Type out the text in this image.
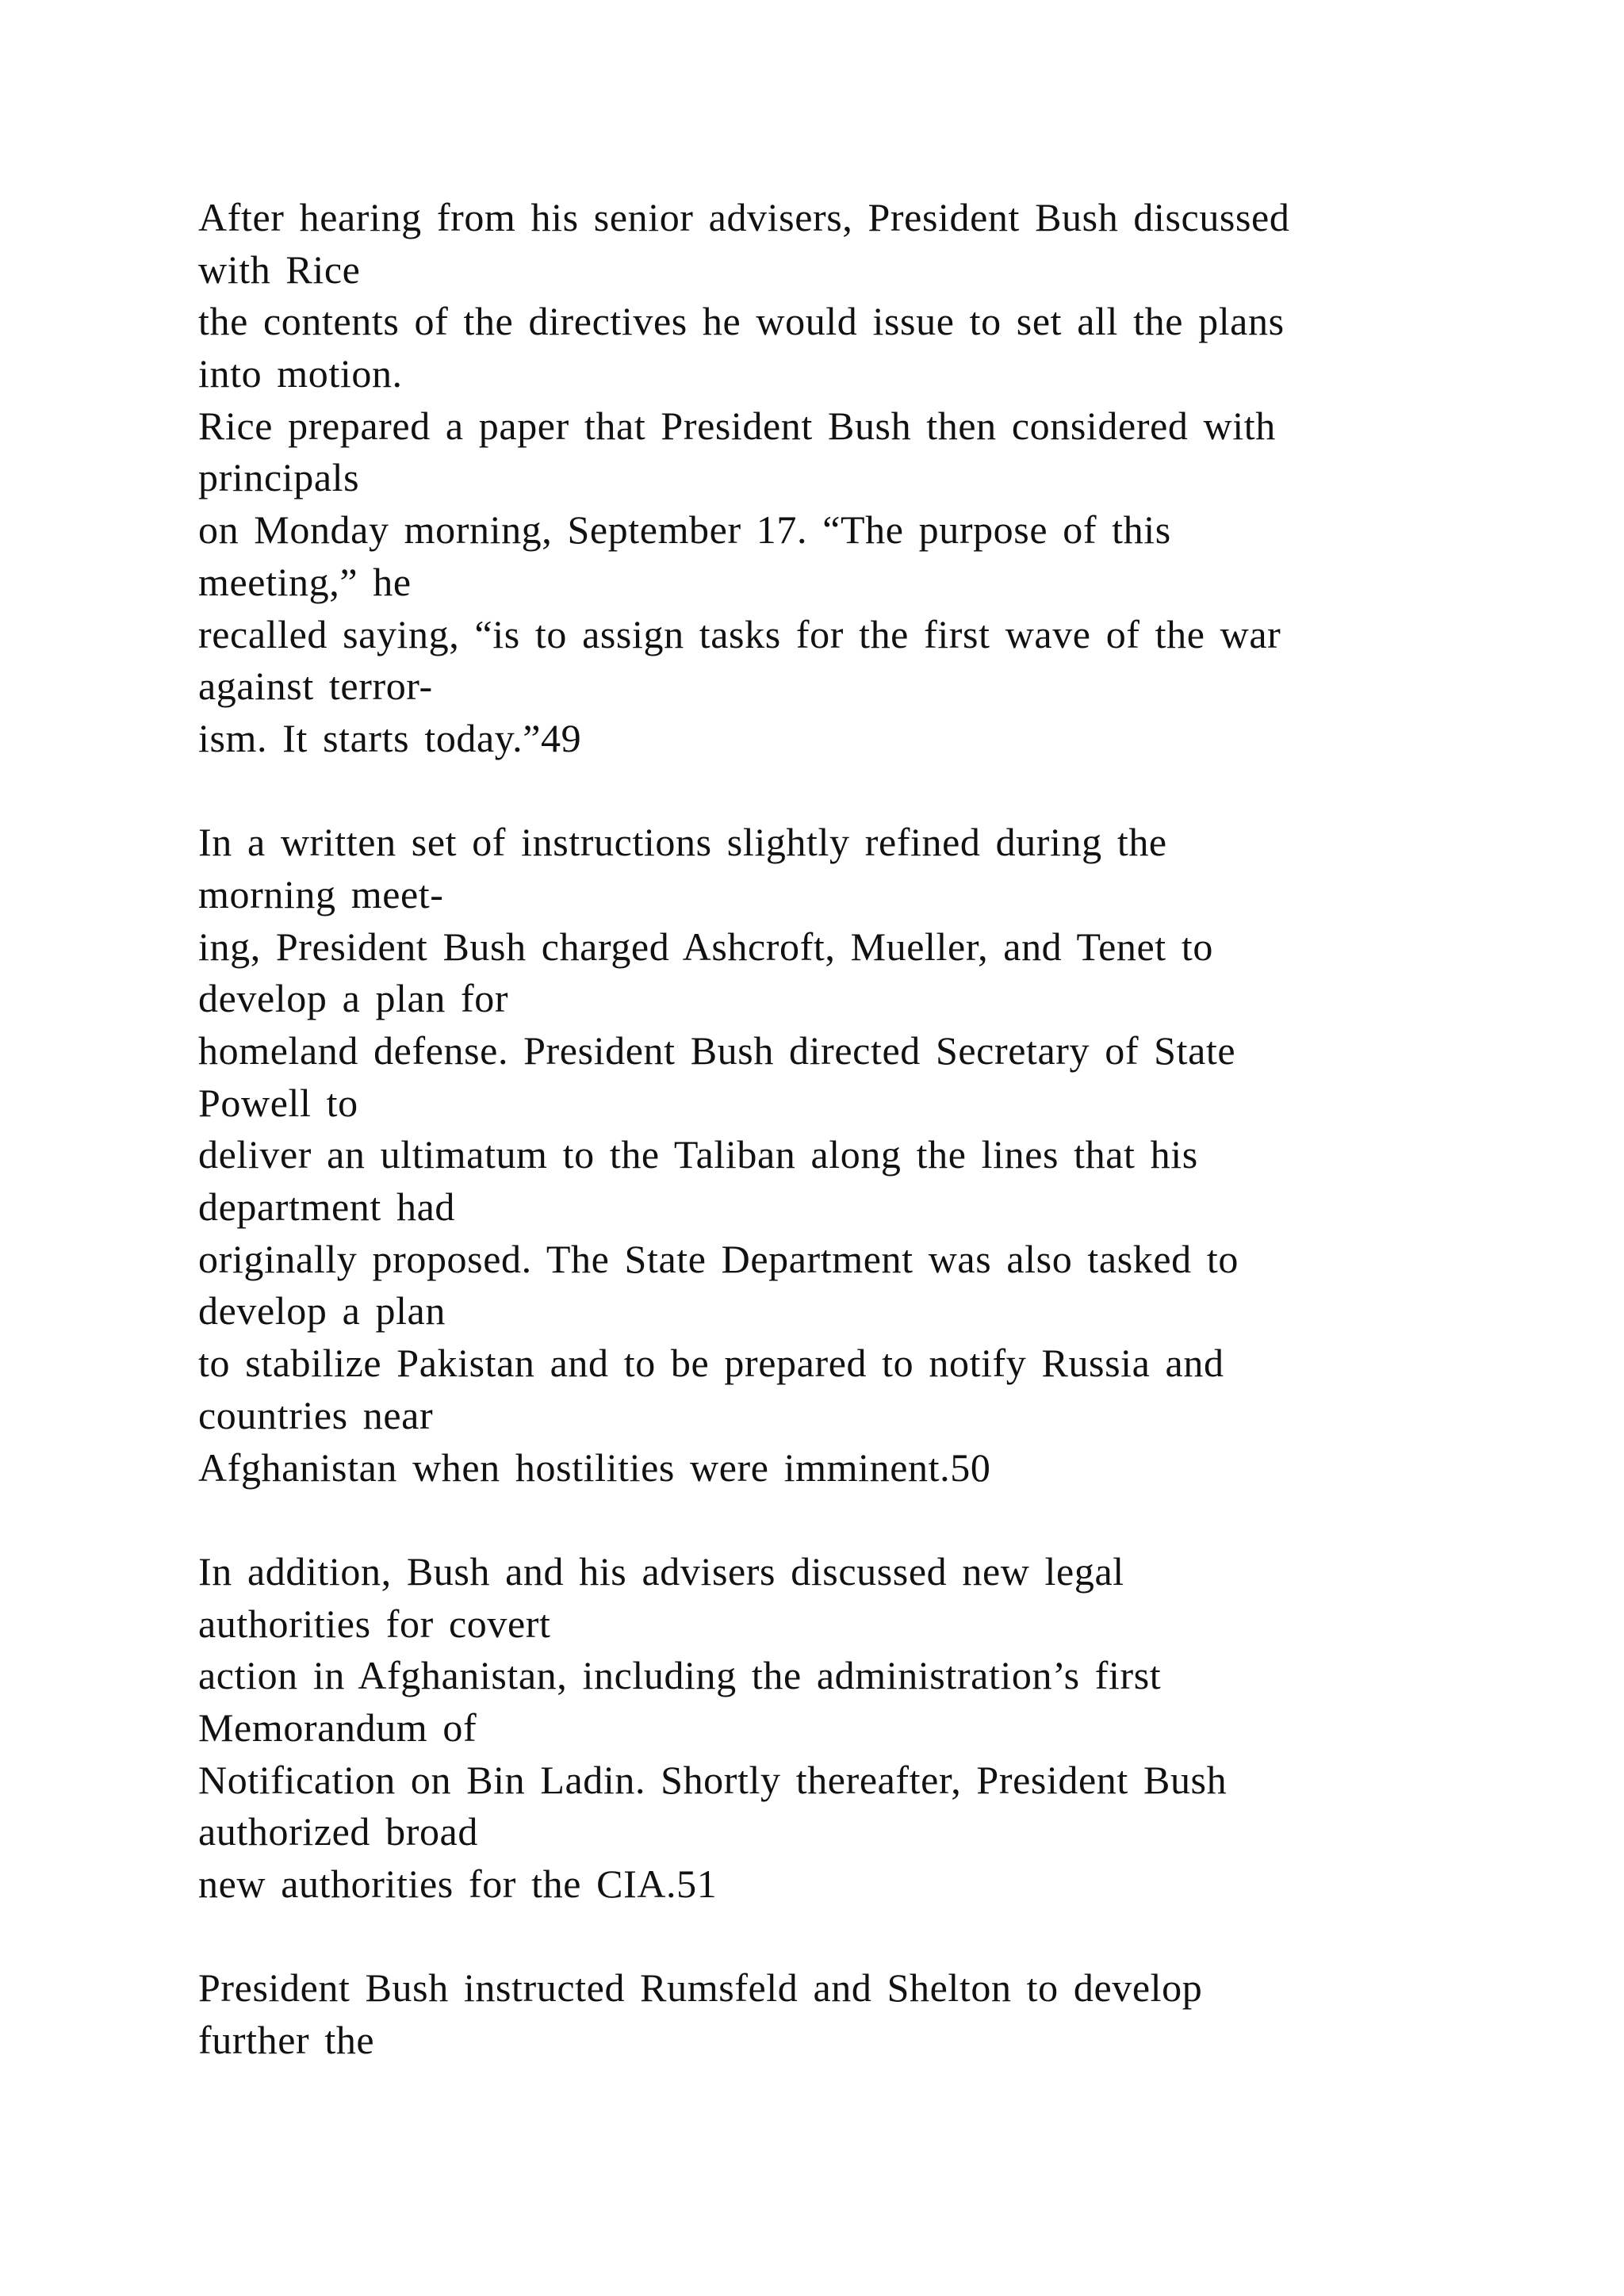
After hearing from his senior advisers, President Bush discussed
with Rice
the contents of the directives he would issue to set all the plans
into motion.
Rice prepared a paper that President Bush then considered with
principals
on Monday morning, September 17. “The purpose of this
meeting,” he
recalled saying, “is to assign tasks for the first wave of the war
against terror-
ism. It starts today.”49
In a written set of instructions slightly refined during the
morning meet-
ing, President Bush charged Ashcroft, Mueller, and Tenet to
develop a plan for
homeland defense. President Bush directed Secretary of State
Powell to
deliver an ultimatum to the Taliban along the lines that his
department had
originally proposed. The State Department was also tasked to
develop a plan
to stabilize Pakistan and to be prepared to notify Russia and
countries near
Afghanistan when hostilities were imminent.50
In addition, Bush and his advisers discussed new legal
authorities for covert
action in Afghanistan, including the administration’s first
Memorandum of
Notification on Bin Ladin. Shortly thereafter, President Bush
authorized broad
new authorities for the CIA.51
President Bush instructed Rumsfeld and Shelton to develop
further the
